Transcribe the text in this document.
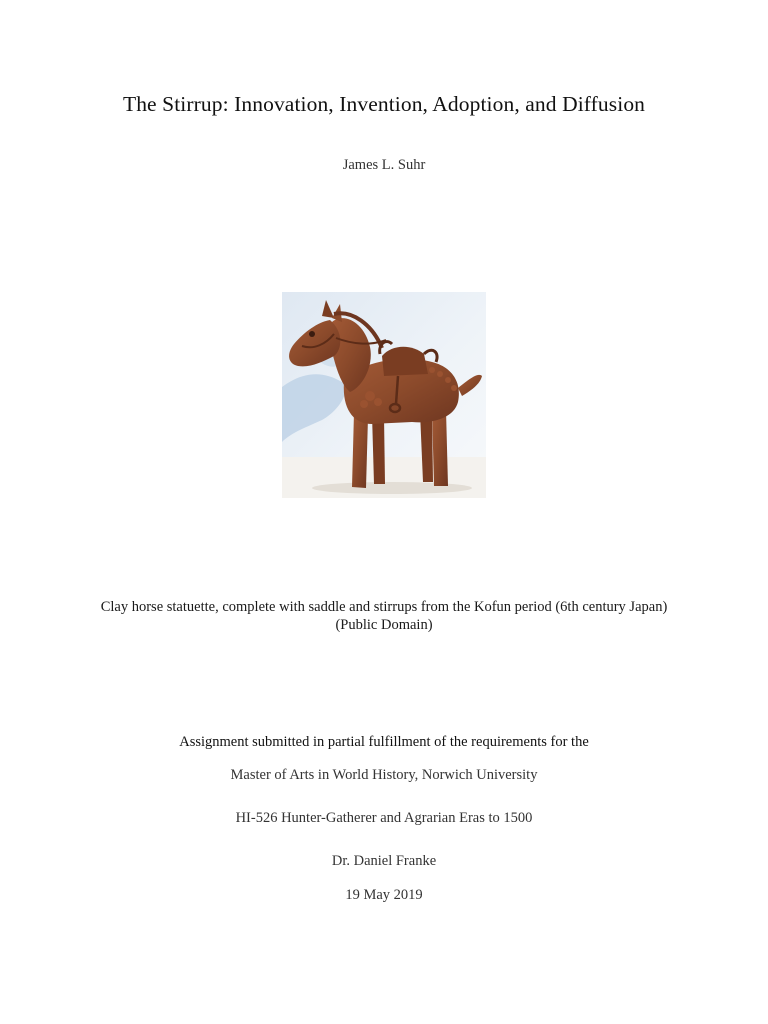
The Stirrup: Innovation, Invention, Adoption, and Diffusion
James L. Suhr
Clay horse statuette, complete with saddle and stirrups from the Kofun period (6th century Japan) (Public Domain)
Assignment submitted in partial fulfillment of the requirements for the
Master of Arts in World History, Norwich University
HI-526 Hunter-Gatherer and Agrarian Eras to 1500
Dr. Daniel Franke
19 May 2019
